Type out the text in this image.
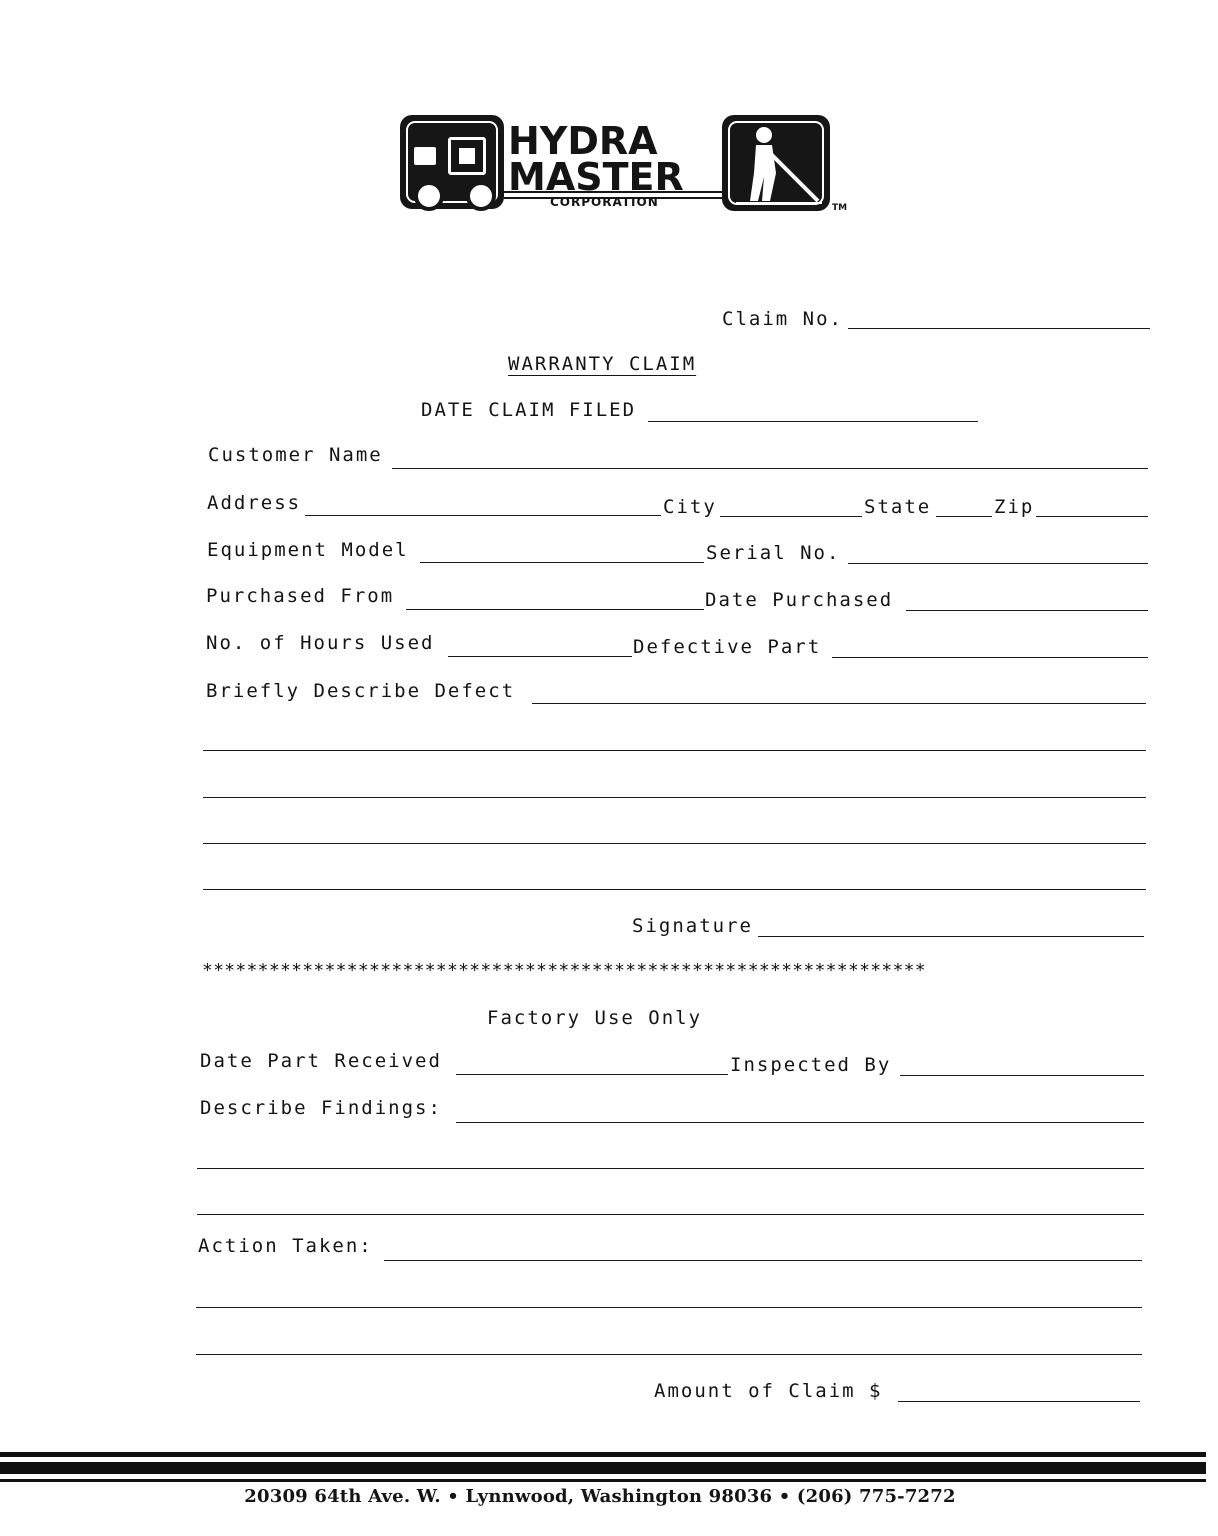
HYDRA
MASTER
CORPORATION	TM
Claim No.
WARRANTY CLAIM
DATE CLAIM FILED
Customer Name
Address	City	State	Zip
Equipment Model	Serial No.
Purchased From	Date Purchased
No. of Hours Used	Defective Part
Briefly Describe Defect
Signature
*****************************************************************
Factory Use Only
Date Part Received	Inspected By
Describe Findings:
Action Taken:
Amount of Claim $
20309 64th Ave. W. • Lynnwood, Washington 98036 • (206) 775-7272
